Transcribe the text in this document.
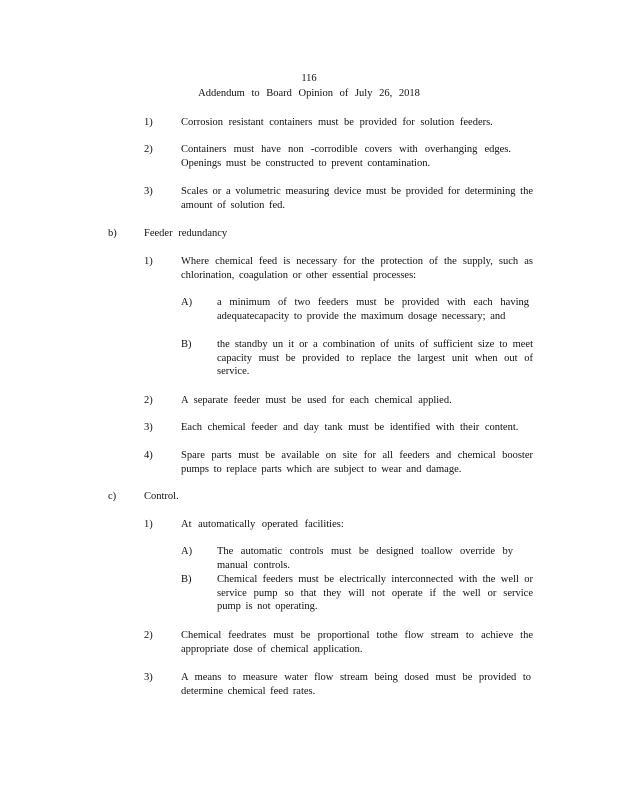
116
Addendum to Board Opinion of July 26, 2018
1)	Corrosion resistant containers must be provided for solution feeders.
2)	Containers must have non -corrodible covers with overhanging edges. Openings must be constructed to prevent contamination.
3)	Scales or a volumetric measuring device must be provided for determining the amount of solution fed.
b)	Feeder redundancy
1)	Where chemical feed is necessary for the protection of the supply, such as chlorination, coagulation or other essential processes:
A) a minimum of two feeders must be provided with each having adequatecapacity to provide the maximum dosage necessary; and
B) the standby un it or a combination of units of sufficient size to meet capacity must be provided to replace the largest unit when out of service.
2)	A separate feeder must be used for each chemical applied.
3)	Each chemical feeder and day tank must be identified with their content.
4)	Spare parts must be available on site for all feeders and chemical booster pumps to replace parts which are subject to wear and damage.
c)	Control.
1)	At automatically operated facilities:
A) The automatic controls must be designed toallow override by manual controls.
B) Chemical feeders must be electrically interconnected with the well or service pump so that they will not operate if the well or service pump is not operating.
2)	Chemical feedrates must be proportional tothe flow stream to achieve the appropriate dose of chemical application.
3)	A means to measure water flow stream being dosed must be provided to determine chemical feed rates.
